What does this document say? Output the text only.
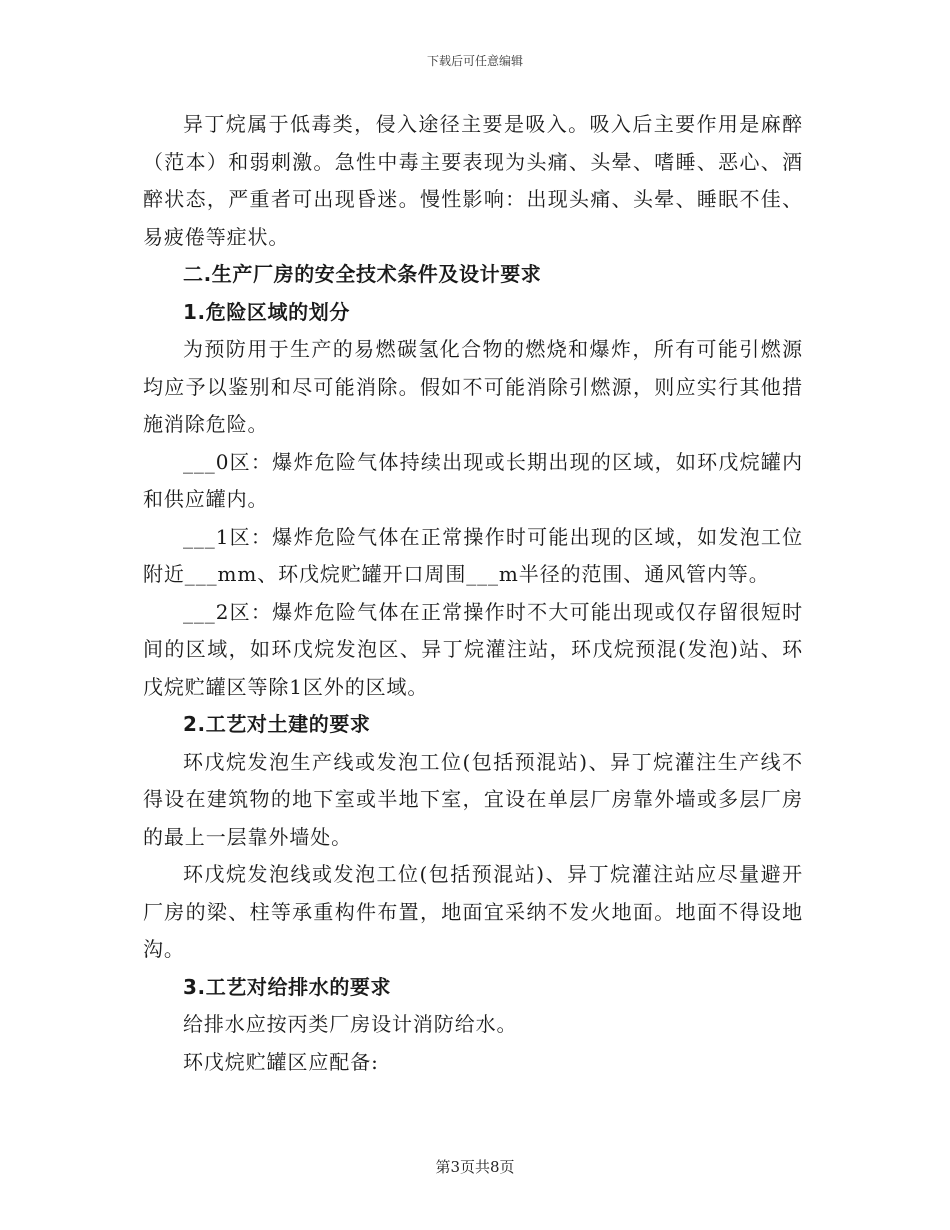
下载后可任意编辑

异丁烷属于低毒类，侵入途径主要是吸入。吸入后主要作用是麻醉（范本）和弱刺激。急性中毒主要表现为头痛、头晕、嗜睡、恶心、酒醉状态，严重者可出现昏迷。慢性影响：出现头痛、头晕、睡眠不佳、易疲倦等症状。

二.生产厂房的安全技术条件及设计要求

1.危险区域的划分

为预防用于生产的易燃碳氢化合物的燃烧和爆炸，所有可能引燃源均应予以鉴别和尽可能消除。假如不可能消除引燃源，则应实行其他措施消除危险。

___0区：爆炸危险气体持续出现或长期出现的区域，如环戊烷罐内和供应罐内。

___1区：爆炸危险气体在正常操作时可能出现的区域，如发泡工位附近___mm、环戊烷贮罐开口周围___m半径的范围、通风管内等。

___2区：爆炸危险气体在正常操作时不大可能出现或仅存留很短时间的区域，如环戊烷发泡区、异丁烷灌注站，环戊烷预混(发泡)站、环戊烷贮罐区等除1区外的区域。

2.工艺对土建的要求

环戊烷发泡生产线或发泡工位(包括预混站)、异丁烷灌注生产线不得设在建筑物的地下室或半地下室，宜设在单层厂房靠外墙或多层厂房的最上一层靠外墙处。

环戊烷发泡线或发泡工位(包括预混站)、异丁烷灌注站应尽量避开厂房的梁、柱等承重构件布置，地面宜采纳不发火地面。地面不得设地沟。

3.工艺对给排水的要求

给排水应按丙类厂房设计消防给水。

环戊烷贮罐区应配备:

第3页共8页
